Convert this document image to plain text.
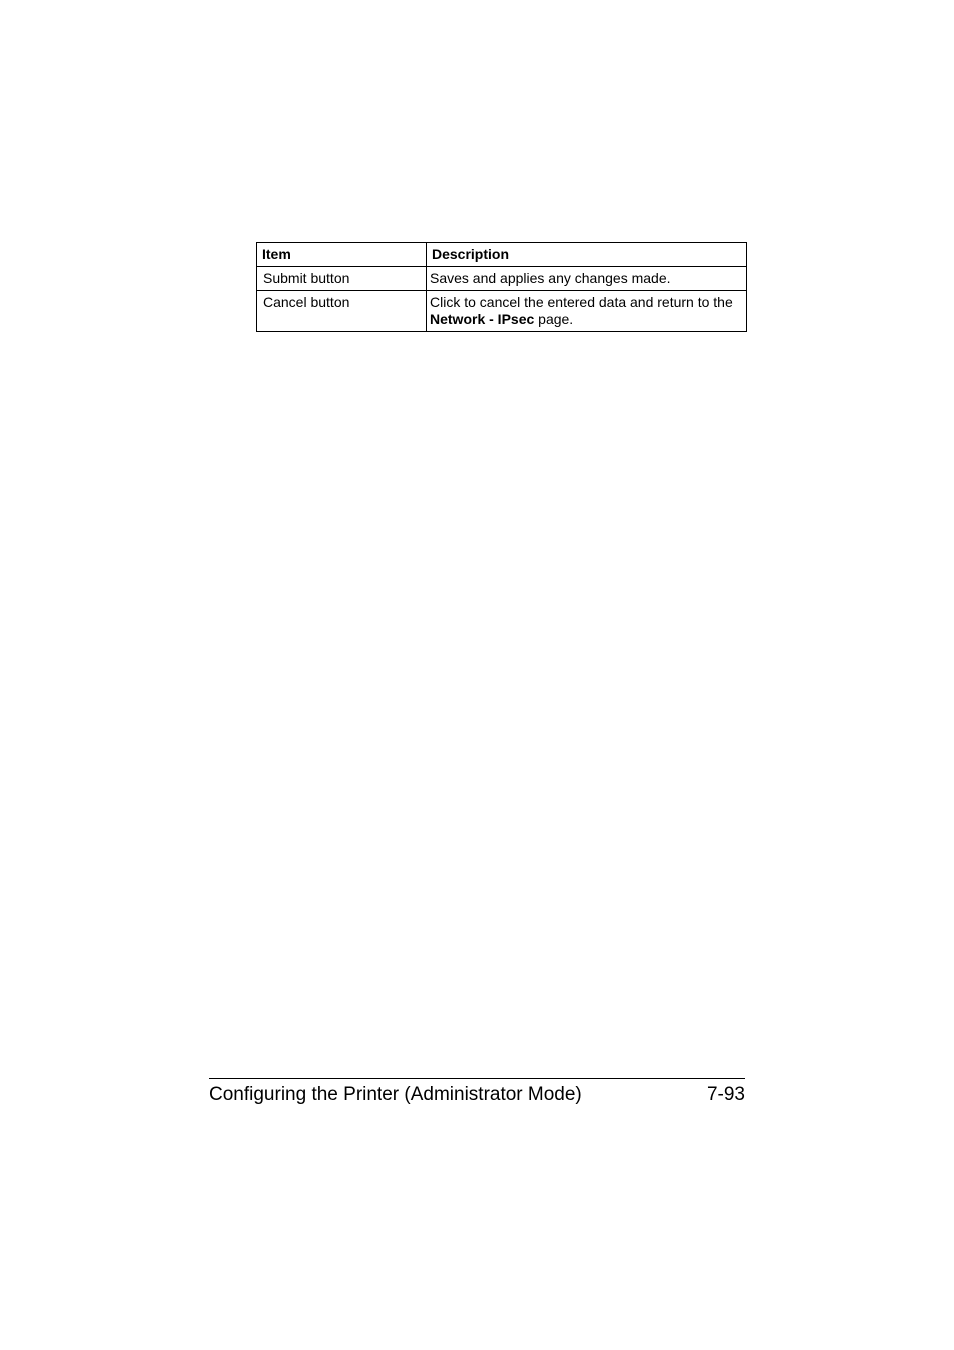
Item	Description
Submit button	Saves and applies any changes made.
Cancel button	Click to cancel the entered data and return to the
Network - IPsec page.
Configuring the Printer (Administrator Mode)	7-93
